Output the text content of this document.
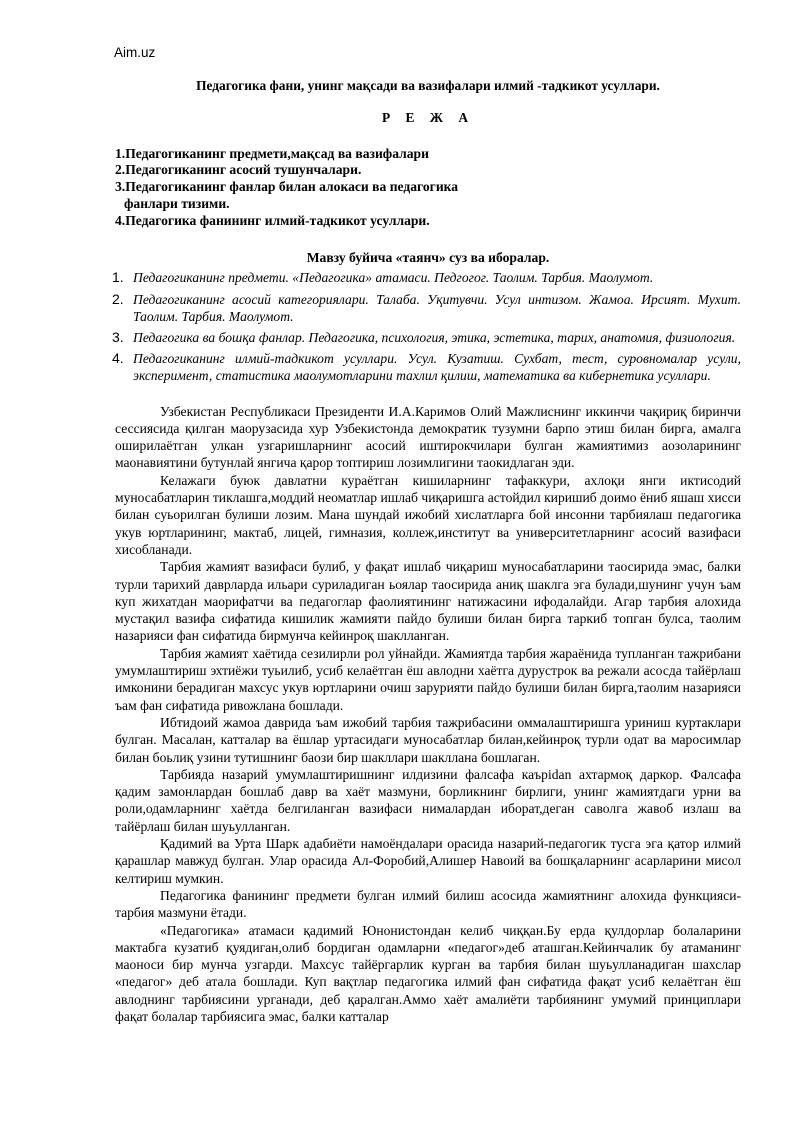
Aim.uz
Педагогика фани, унинг мақсади ва вазифалари илмий -тадкикот усуллари.
Р Е Ж А
1.Педагогиканинг предмети,мақсад ва вазифалари
2.Педагогиканинг асосий тушунчалари.
3.Педагогиканинг фанлар билан алокаси ва педагогика
фанлари тизими.
4.Педагогика фанининг илмий-тадкикот усуллари.
Мавзу буйича «таянч» суз ва иборалар.
1. Педагогиканинг предмети. «Педагогика» атамаси. Педгогог. Таолим. Тарбия. Маолумот.
2. Педагогиканинг асосий категориялари. Талаба. Уқитувчи. Усул интизом. Жамоа. Ирсият. Мухит. Таолим. Тарбия. Маолумот.
3. Педагогика ва бошқа фанлар. Педагогика, психология, этика, эстетика, тарих, анатомия, физиология.
4. Педагогиканинг илмий-тадкикот усуллари. Усул. Кузатиш. Сухбат, тест, суровномалар усули, эксперимент, статистика маолумотларини тахлил қилиш, математика ва кибернетика усуллари.

Узбекистан Республикаси Президенти И.А.Каримов Олий Мажлиснинг иккинчи чақириқ биринчи сессиясида қилган маорузасида хур Узбекистонда демократик тузумни барпо этиш билан бирга, амалга оширилаётган улкан узгаришларнинг асосий иштирокчилари булган жамиятимиз аозоларининг маонавиятини бутунлай янгича қарор топтириш лозимлигини таокидлаган эди.

Келажаги буюк давлатни кураётган кишиларнинг тафаккури, ахлоқи янги иктисодий муносабатларин тиклашга,моддий неоматлар ишлаб чиқаришга астойдил киришиб доимо ёниб яшаш хисси билан суьорилган булиши лозим. Мана шундай ижобий хислатларга бой инсонни тарбиялаш педагогика укув юртларининг, мактаб, лицей, гимназия, коллеж,институт ва университетларнинг асосий вазифаси хисобланади.

Тарбия жамият вазифаси булиб, у фақат ишлаб чиқариш муносабатларини таосирида эмас, балки турли тарихий даврларда ильари суриладиган ьоялар таосирида аниқ шаклга эга булади,шунинг учун ъам куп жихатдан маорифатчи ва педагоглар фаолиятининг натижасини ифодалайди. Агар тарбия алохида мустақил вазифа сифатида кишилик жамияти пайдо булиши билан бирга таркиб топган булса, таолим назарияси фан сифатида бирмунча кейинроқ шаклланган.

Тарбия жамият хаётида сезилирли рол уйнайди. Жамиятда тарбия жараёнида тупланган тажрибани умумлаштириш эхтиёжи туьилиб, усиб келаётган ёш авлодни хаётга дуруcтрок ва режали асосда тайёрлаш имконини берадиган махсус укув юртларини очиш зарурияти пайдо булиши билан бирга,таолим назарияси ъам фан сифатида ривожлана бошлади.

Ибтидоий жамоа даврида ъам ижобий тарбия тажрибасини оммалаштиришга уриниш куртаклари булган. Масалан, катталар ва ёшлар уртасидаги муносабатлар билан,кейинроқ турли одат ва маросимлар билан боьлиқ узини тутишнинг баози бир шакллари шакллана бошлаган.

Тарбияда назарий умумлаштиришнинг илдизини фалсафа каърidan ахтармоқ даркор. Фалсафа қадим замонлардан бошлаб давр ва хаёт мазмуни, борликнинг бирлиги, унинг жамиятдаги урни ва роли,одамларнинг хаётда белгиланган вазифаси нималардан иборат,деган саволга жавоб излаш ва тайёрлаш билан шуьулланган.

Қадимий ва Урта Шарк адабиёти намоёндалари орасида назарий-педагогик тусга эга қатор илмий қарашлар мавжуд булган. Улар орасида Ал-Форобий,Алишер Навоий ва бошқаларнинг асарларини мисол келтириш мумкин.

Педагогика фанининг предмети булган илмий билиш асосида жамиятнинг алохида функцияси-тарбия мазмуни ётади.

«Педагогика» атамаси қадимий Юнонистондан келиб чиққан.Бу ерда қулдорлар болаларини мактабга кузатиб қуядиган,олиб бордиган одамларни «педагог»деб аташган.Кейинчалик бу атаманинг маоноси бир мунча узгарди. Махсус тайёргарлик курган ва тарбия билан шуьулланадиган шахслар «педагог» деб атала бошлади. Куп вақтлар педагогика илмий фан сифатида фақат усиб келаётган ёш авлоднинг тарбиясини урганади, деб қаралган.Аммо хаёт амалиёти тарбиянинг умумий принциплари фақат болалар тарбиясига эмас, балки катталар
